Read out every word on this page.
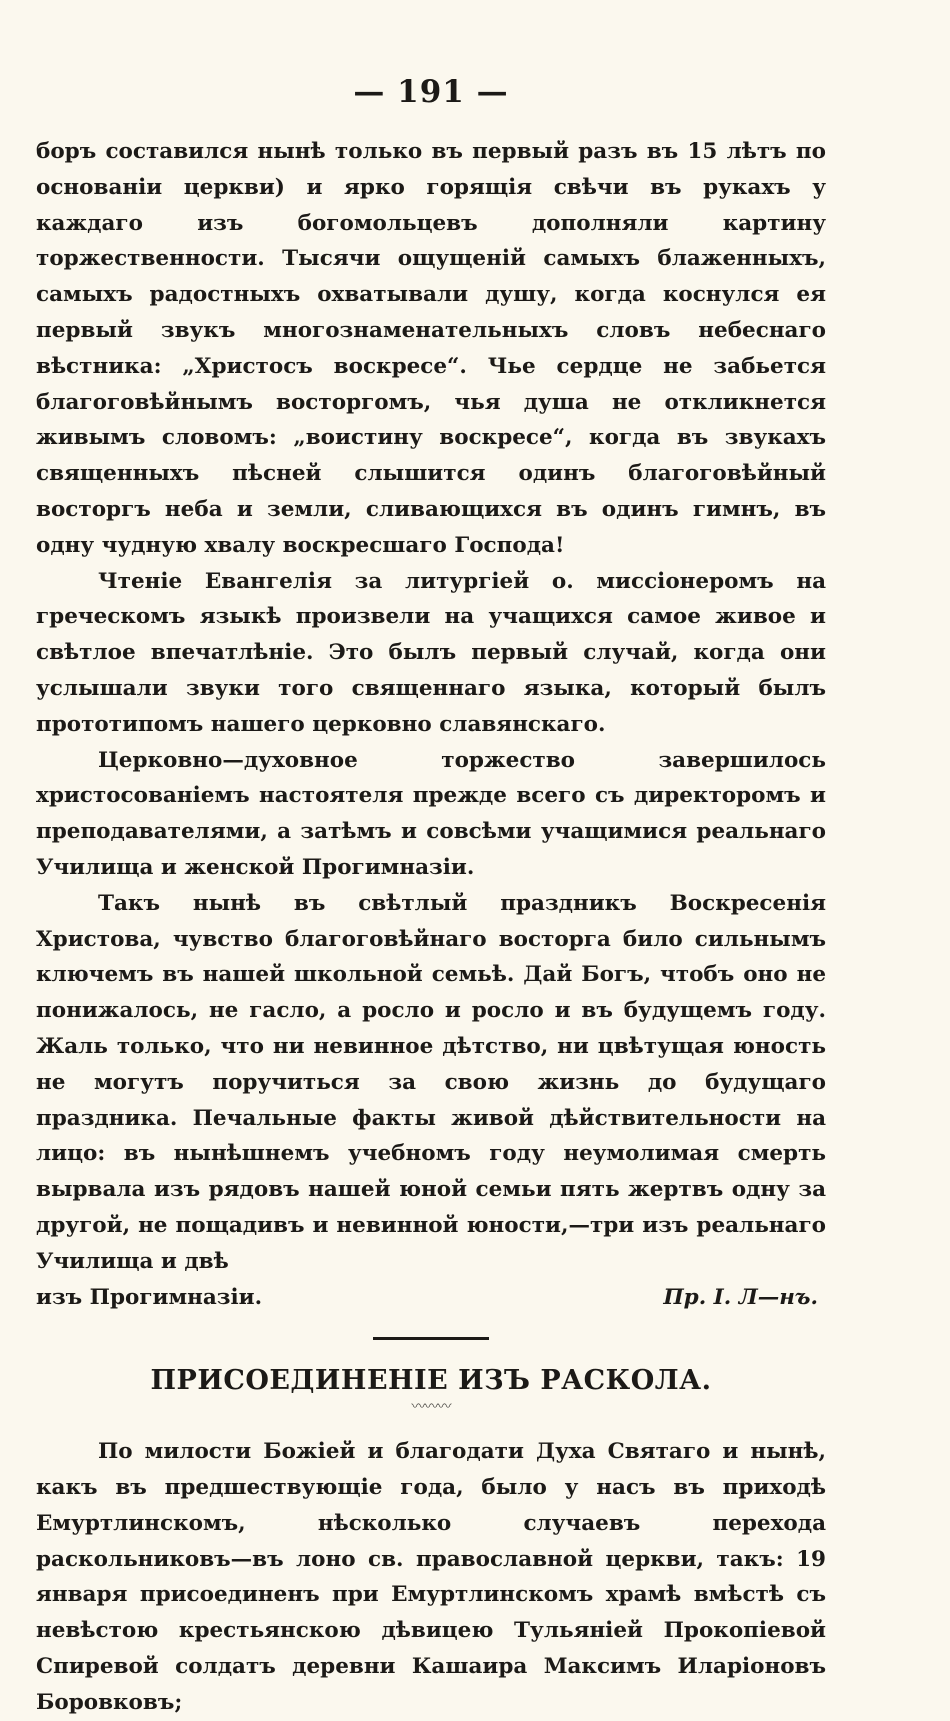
— 191 —

боръ составился нынѣ только въ первый разъ въ 15 лѣтъ по основаніи церкви) и ярко горящія свѣчи въ рукахъ у каждаго изъ богомольцевъ дополняли картину торжественности. Тысячи ощущеній самыхъ блаженныхъ, самыхъ радостныхъ охватывали душу, когда коснулся ея первый звукъ многознаменательныхъ словъ небеснаго вѣстника: „Христосъ воскресе“. Чье сердце не забьется благоговѣйнымъ восторгомъ, чья душа не откликнется живымъ словомъ: „воистину воскресе“, когда въ звукахъ священныхъ пѣсней слышится одинъ благоговѣйный восторгъ неба и земли, сливающихся въ одинъ гимнъ, въ одну чудную хвалу воскресшаго Господа!

Чтеніе Евангелія за литургіей о. миссіонеромъ на греческомъ языкѣ произвели на учащихся самое живое и свѣтлое впечатлѣніе. Это былъ первый случай, когда они услышали звуки того священнаго языка, который былъ прототипомъ нашего церковно славянскаго.

Церковно—духовное торжество завершилось христосованіемъ настоятеля прежде всего съ директоромъ и преподавателями, а затѣмъ и совсѣми учащимися реальнаго Училища и женской Прогимназіи.

Такъ нынѣ въ свѣтлый праздникъ Воскресенія Христова, чувство благоговѣйнаго восторга било сильнымъ ключемъ въ нашей школьной семьѣ. Дай Богъ, чтобъ оно не понижалось, не гасло, а росло и росло и въ будущемъ году. Жаль только, что ни невинное дѣтство, ни цвѣтущая юность не могутъ поручиться за свою жизнь до будущаго праздника. Печальные факты живой дѣйствительности на лицо: въ нынѣшнемъ учебномъ году неумолимая смерть вырвала изъ рядовъ нашей юной семьи пять жертвъ одну за другой, не пощадивъ и невинной юности,—три изъ реальнаго Училища и двѣ

изъ Прогимназіи.	Пр. I. Л—нъ.
ПРИСОЕДИНЕНІЕ ИЗЪ РАСКОЛА.
〰〰〰

По милости Божіей и благодати Духа Святаго и нынѣ, какъ въ предшествующіе года, было у насъ въ приходѣ Емуртлинскомъ, нѣсколько случаевъ перехода раскольниковъ—въ лоно св. православной церкви, такъ: 19 января присоединенъ при Емуртлинскомъ храмѣ вмѣстѣ съ невѣстою крестьянскою дѣвицею Тульяніей Прокопіевой Спиревой солдатъ деревни Кашаира Максимъ Иларіоновъ Боровковъ;
